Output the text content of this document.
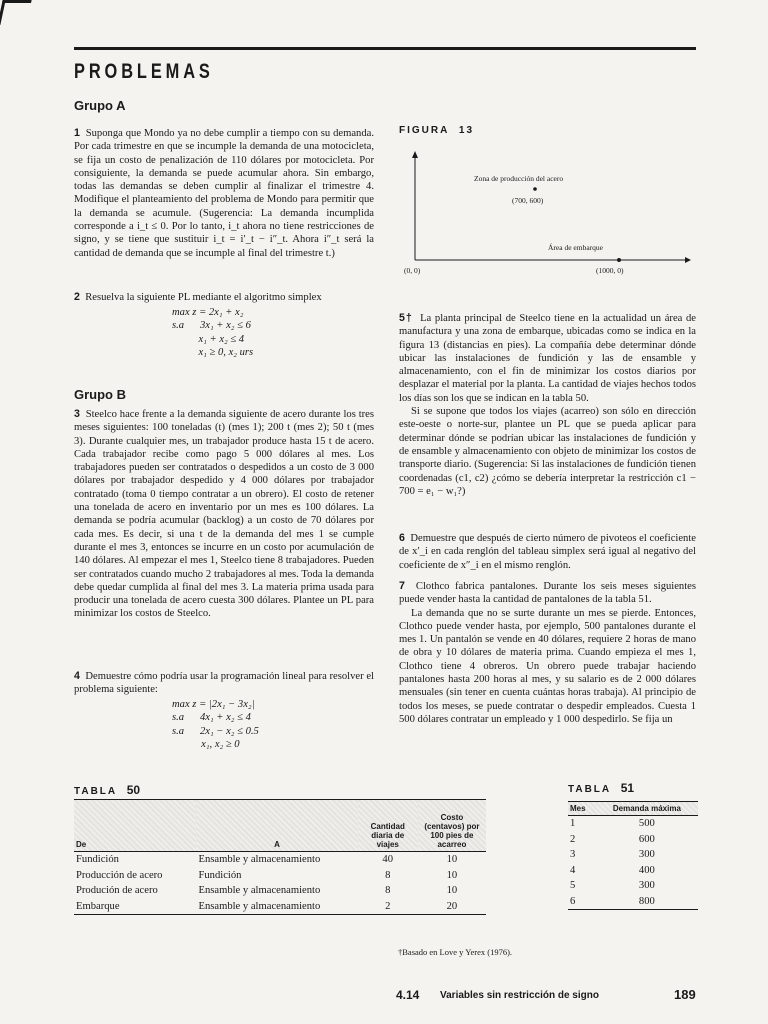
PROBLEMAS
Grupo A

1 Suponga que Mondo ya no debe cumplir a tiempo con su demanda. Por cada trimestre en que se incumple la demanda de una motocicleta, se fija un costo de penalización de 110 dólares por motocicleta. Por consiguiente, la demanda se puede acumular ahora. Sin embargo, todas las demandas se deben cumplir al finalizar el trimestre 4. Modifique el planteamiento del problema de Mondo para permitir que la demanda se acumule. (Sugerencia: La demanda incumplida corresponde a i_t ≤ 0. Por lo tanto, i_t ahora no tiene restricciones de signo, y se tiene que sustituir i_t = i′_t − i″_t. Ahora i″_t será la cantidad de demanda que se incumple al final del trimestre t.)

2 Resuelva la siguiente PL mediante el algoritmo simplex

max z = 2x₁ + x₂
s.a      3x₁ + x₂ ≤ 6
x₁ + x₂ ≤ 4
x₁ ≥ 0, x₂ urs
Grupo B

3 Steelco hace frente a la demanda siguiente de acero durante los tres meses siguientes: 100 toneladas (t) (mes 1); 200 t (mes 2); 50 t (mes 3). Durante cualquier mes, un trabajador produce hasta 15 t de acero. Cada trabajador recibe como pago 5 000 dólares al mes. Los trabajadores pueden ser contratados o despedidos a un costo de 3 000 dólares por trabajador despedido y 4 000 dólares por trabajador contratado (toma 0 tiempo contratar a un obrero). El costo de retener una tonelada de acero en inventario por un mes es 100 dólares. La demanda se podría acumular (backlog) a un costo de 70 dólares por cada mes. Es decir, si una t de la demanda del mes 1 se cumple durante el mes 3, entonces se incurre en un costo por acumulación de 140 dólares. Al empezar el mes 1, Steelco tiene 8 trabajadores. Pueden ser contratados cuando mucho 2 trabajadores al mes. Toda la demanda debe quedar cumplida al final del mes 3. La materia prima usada para producir una tonelada de acero cuesta 300 dólares. Plantee un PL para minimizar los costos de Steelco.

4 Demuestre cómo podría usar la programación lineal para resolver el problema siguiente:

max z = |2x₁ − 3x₂|
s.a      4x₁ + x₂ ≤ 4
s.a      2x₁ − x₂ ≤ 0.5
x₁, x₂ ≥ 0
FIGURA 13
Zona de producción del acero
(700, 600)
Área de embarque
(0, 0)	(1000, 0)

5† La planta principal de Steelco tiene en la actualidad un área de manufactura y una zona de embarque, ubicadas como se indica en la figura 13 (distancias en pies). La compañía debe determinar dónde ubicar las instalaciones de fundición y las de ensamble y almacenamiento, con el fin de minimizar los costos diarios por desplazar el material por la planta. La cantidad de viajes hechos todos los días son los que se indican en la tabla 50.

Si se supone que todos los viajes (acarreo) son sólo en dirección este-oeste o norte-sur, plantee un PL que se pueda aplicar para determinar dónde se podrían ubicar las instalaciones de fundición y de ensamble y almacenamiento con objeto de minimizar los costos de transporte diario. (Sugerencia: Si las instalaciones de fundición tienen coordenadas (c1, c2) ¿cómo se debería interpretar la restricción c1 − 700 = e₁ − w₁?)

6 Demuestre que después de cierto número de pivoteos el coeficiente de x′_i en cada renglón del tableau simplex será igual al negativo del coeficiente de x″_i en el mismo renglón.

7 Clothco fabrica pantalones. Durante los seis meses siguientes puede vender hasta la cantidad de pantalones de la tabla 51.

La demanda que no se surte durante un mes se pierde. Entonces, Clothco puede vender hasta, por ejemplo, 500 pantalones durante el mes 1. Un pantalón se vende en 40 dólares, requiere 2 horas de mano de obra y 10 dólares de materia prima. Cuando empieza el mes 1, Clothco tiene 4 obreros. Un obrero puede trabajar haciendo pantalones hasta 200 horas al mes, y su salario es de 2 000 dólares mensuales (sin tener en cuenta cuántas horas trabaja). Al principio de todos los meses, se puede contratar o despedir empleados. Cuesta 1 500 dólares contratar un empleado y 1 000 despedirlo. Se fija un

TABLA 50
De	A	Cantidad diaria de viajes	Costo (centavos) por 100 pies de acarreo
Fundición	Ensamble y almacenamiento	40	10
Producción de acero	Fundición	8	10
Produción de acero	Ensamble y almacenamiento	8	10
Embarque	Ensamble y almacenamiento	2	20
TABLA 51
Mes	Demanda máxima
1	500
2	600
3	300
4	400
5	300
6	800
†Basado en Love y Yerex (1976).
4.14 Variables sin restricción de signo	189
